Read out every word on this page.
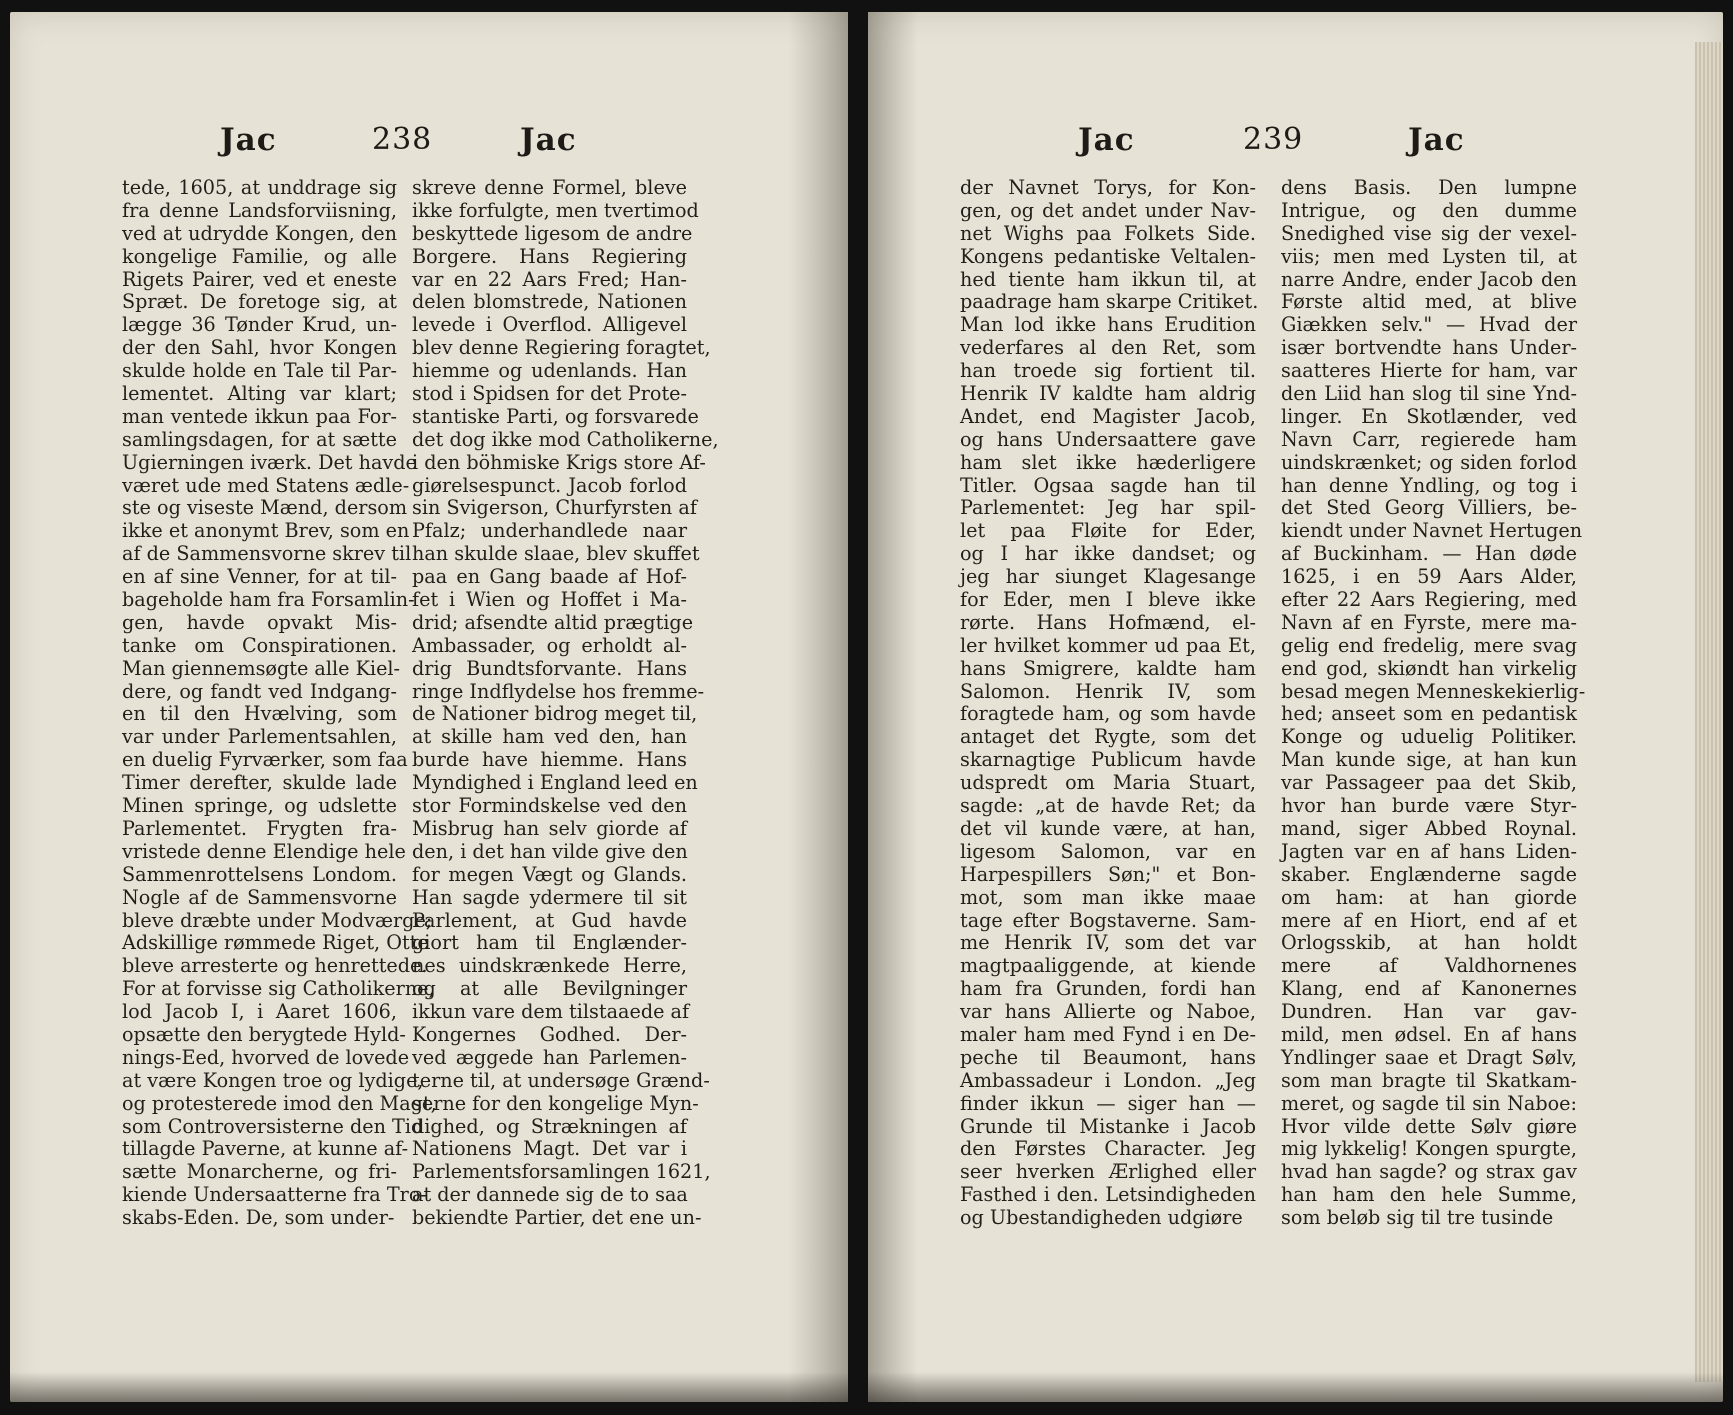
Jac	238	Jac
tede, 1605, at unddrage sig
fra denne Landsforviisning,
ved at udrydde Kongen, den
kongelige Familie, og alle
Rigets Pairer, ved et eneste
Spræt. De foretoge sig, at
lægge 36 Tønder Krud, un-
der den Sahl, hvor Kongen
skulde holde en Tale til Par-
lementet. Alting var klart;
man ventede ikkun paa For-
samlingsdagen, for at sætte
Ugierningen iværk. Det havde
været ude med Statens ædle-
ste og viseste Mænd, dersom
ikke et anonymt Brev, som en
af de Sammensvorne skrev til
en af sine Venner, for at til-
bageholde ham fra Forsamlin-
gen, havde opvakt Mis-
tanke om Conspirationen.
Man giennemsøgte alle Kiel-
dere, og fandt ved Indgang-
en til den Hvælving, som
var under Parlementsahlen,
en duelig Fyrværker, som faa
Timer derefter, skulde lade
Minen springe, og udslette
Parlementet. Frygten fra-
vristede denne Elendige hele
Sammenrottelsens Londom.
Nogle af de Sammensvorne
bleve dræbte under Modværge;
Adskillige rømmede Riget, Otte
bleve arresterte og henrettede.
For at forvisse sig Catholikerne,
lod Jacob I, i Aaret 1606,
opsætte den berygtede Hyld-
nings-Eed, hvorved de lovede
at være Kongen troe og lydige,
og protesterede imod den Magt,
som Controversisterne den Tid
tillagde Paverne, at kunne af-
sætte Monarcherne, og fri-
kiende Undersaatterne fra Tro-
skabs-Eden. De, som under-
skreve denne Formel, bleve
ikke forfulgte, men tvertimod
beskyttede ligesom de andre
Borgere. Hans Regiering
var en 22 Aars Fred; Han-
delen blomstrede, Nationen
levede i Overflod. Alligevel
blev denne Regiering foragtet,
hiemme og udenlands. Han
stod i Spidsen for det Prote-
stantiske Parti, og forsvarede
det dog ikke mod Catholikerne,
i den böhmiske Krigs store Af-
giørelsespunct. Jacob forlod
sin Svigerson, Churfyrsten af
Pfalz; underhandlede naar
han skulde slaae, blev skuffet
paa en Gang baade af Hof-
fet i Wien og Hoffet i Ma-
drid; afsendte altid prægtige
Ambassader, og erholdt al-
drig Bundtsforvante. Hans
ringe Indflydelse hos fremme-
de Nationer bidrog meget til,
at skille ham ved den, han
burde have hiemme. Hans
Myndighed i England leed en
stor Formindskelse ved den
Misbrug han selv giorde af
den, i det han vilde give den
for megen Vægt og Glands.
Han sagde ydermere til sit
Parlement, at Gud havde
giort ham til Englænder-
nes uindskrænkede Herre,
og at alle Bevilgninger
ikkun vare dem tilstaaede af
Kongernes Godhed. Der-
ved æggede han Parlemen-
terne til, at undersøge Grænd-
serne for den kongelige Myn-
dighed, og Strækningen af
Nationens Magt. Det var i
Parlementsforsamlingen 1621,
at der dannede sig de to saa
bekiendte Partier, det ene un-
Jac	239	Jac
der Navnet Torys, for Kon-
gen, og det andet under Nav-
net Wighs paa Folkets Side.
Kongens pedantiske Veltalen-
hed tiente ham ikkun til, at
paadrage ham skarpe Critiket.
Man lod ikke hans Erudition
vederfares al den Ret, som
han troede sig fortient til.
Henrik IV kaldte ham aldrig
Andet, end Magister Jacob,
og hans Undersaattere gave
ham slet ikke hæderligere
Titler. Ogsaa sagde han til
Parlementet: Jeg har spil-
let paa Fløite for Eder,
og I har ikke dandset; og
jeg har siunget Klagesange
for Eder, men I bleve ikke
rørte. Hans Hofmænd, el-
ler hvilket kommer ud paa Et,
hans Smigrere, kaldte ham
Salomon. Henrik IV, som
foragtede ham, og som havde
antaget det Rygte, som det
skarnagtige Publicum havde
udspredt om Maria Stuart,
sagde: „at de havde Ret; da
det vil kunde være, at han,
ligesom Salomon, var en
Harpespillers Søn;" et Bon-
mot, som man ikke maae
tage efter Bogstaverne. Sam-
me Henrik IV, som det var
magtpaaliggende, at kiende
ham fra Grunden, fordi han
var hans Allierte og Naboe,
maler ham med Fynd i en De-
peche til Beaumont, hans
Ambassadeur i London. „Jeg
finder ikkun — siger han —
Grunde til Mistanke i Jacob
den Førstes Character. Jeg
seer hverken Ærlighed eller
Fasthed i den. Letsindigheden
og Ubestandigheden udgiøre
dens Basis. Den lumpne
Intrigue, og den dumme
Snedighed vise sig der vexel-
viis; men med Lysten til, at
narre Andre, ender Jacob den
Første altid med, at blive
Giækken selv." — Hvad der
især bortvendte hans Under-
saatteres Hierte for ham, var
den Liid han slog til sine Ynd-
linger. En Skotlænder, ved
Navn Carr, regierede ham
uindskrænket; og siden forlod
han denne Yndling, og tog i
det Sted Georg Villiers, be-
kiendt under Navnet Hertugen
af Buckinham. — Han døde
1625, i en 59 Aars Alder,
efter 22 Aars Regiering, med
Navn af en Fyrste, mere ma-
gelig end fredelig, mere svag
end god, skiøndt han virkelig
besad megen Menneskekierlig-
hed; anseet som en pedantisk
Konge og uduelig Politiker.
Man kunde sige, at han kun
var Passageer paa det Skib,
hvor han burde være Styr-
mand, siger Abbed Roynal.
Jagten var en af hans Liden-
skaber. Englænderne sagde
om ham: at han giorde
mere af en Hiort, end af et
Orlogsskib, at han holdt
mere af Valdhornenes
Klang, end af Kanonernes
Dundren. Han var gav-
mild, men ødsel. En af hans
Yndlinger saae et Dragt Sølv,
som man bragte til Skatkam-
meret, og sagde til sin Naboe:
Hvor vilde dette Sølv giøre
mig lykkelig! Kongen spurgte,
hvad han sagde? og strax gav
han ham den hele Summe,
som beløb sig til tre tusinde
